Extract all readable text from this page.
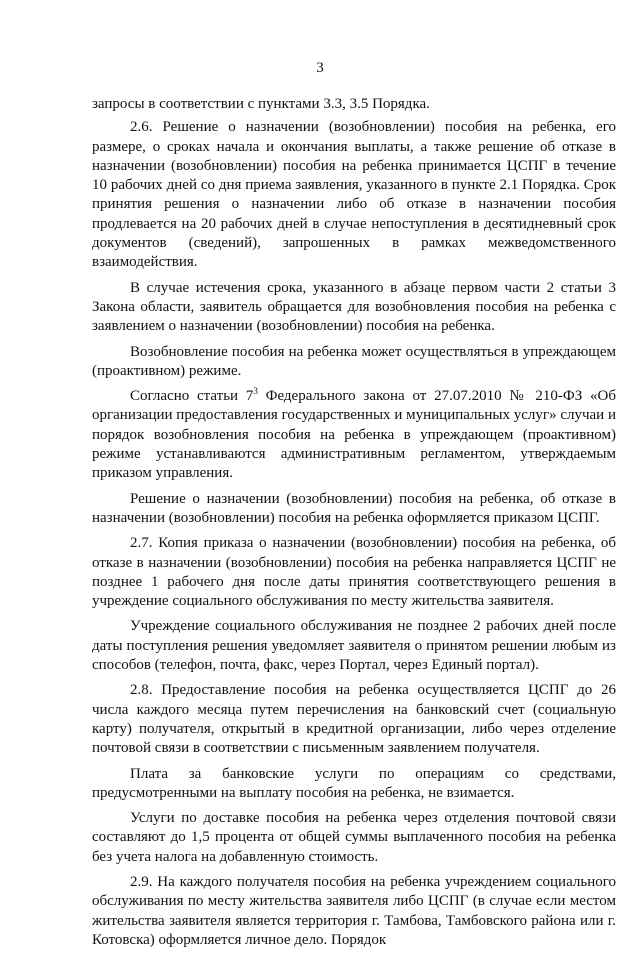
3

запросы в соответствии с пунктами 3.3, 3.5 Порядка.

2.6. Решение о назначении (возобновлении) пособия на ребенка, его размере, о сроках начала и окончания выплаты, а также решение об отказе в назначении (возобновлении) пособия на ребенка принимается ЦСПГ в течение 10 рабочих дней со дня приема заявления, указанного в пункте 2.1 Порядка. Срок принятия решения о назначении либо об отказе в назначении пособия продлевается на 20 рабочих дней в случае непоступления в десятидневный срок документов (сведений), запрошенных в рамках межведомственного взаимодействия.

В случае истечения срока, указанного в абзаце первом части 2 статьи 3 Закона области, заявитель обращается для возобновления пособия на ребенка с заявлением о назначении (возобновлении) пособия на ребенка.

Возобновление пособия на ребенка может осуществляться в упреждающем (проактивном) режиме.

Согласно статьи $7^3$ Федерального закона от 27.07.2010 № 210-ФЗ «Об организации предоставления государственных и муниципальных услуг» случаи и порядок возобновления пособия на ребенка в упреждающем (проактивном) режиме устанавливаются административным регламентом, утверждаемым приказом управления.

Решение о назначении (возобновлении) пособия на ребенка, об отказе в назначении (возобновлении) пособия на ребенка оформляется приказом ЦСПГ.

2.7. Копия приказа о назначении (возобновлении) пособия на ребенка, об отказе в назначении (возобновлении) пособия на ребенка направляется ЦСПГ не позднее 1 рабочего дня после даты принятия соответствующего решения в учреждение социального обслуживания по месту жительства заявителя.

Учреждение социального обслуживания не позднее 2 рабочих дней после даты поступления решения уведомляет заявителя о принятом решении любым из способов (телефон, почта, факс, через Портал, через Единый портал).

2.8. Предоставление пособия на ребенка осуществляется ЦСПГ до 26 числа каждого месяца путем перечисления на банковский счет (социальную карту) получателя, открытый в кредитной организации, либо через отделение почтовой связи в соответствии с письменным заявлением получателя.

Плата за банковские услуги по операциям со средствами, предусмотренными на выплату пособия на ребенка, не взимается.

Услуги по доставке пособия на ребенка через отделения почтовой связи составляют до 1,5 процента от общей суммы выплаченного пособия на ребенка без учета налога на добавленную стоимость.

2.9. На каждого получателя пособия на ребенка учреждением социального обслуживания по месту жительства заявителя либо ЦСПГ (в случае если местом жительства заявителя является территория г. Тамбова, Тамбовского района или г. Котовска) оформляется личное дело. Порядок
